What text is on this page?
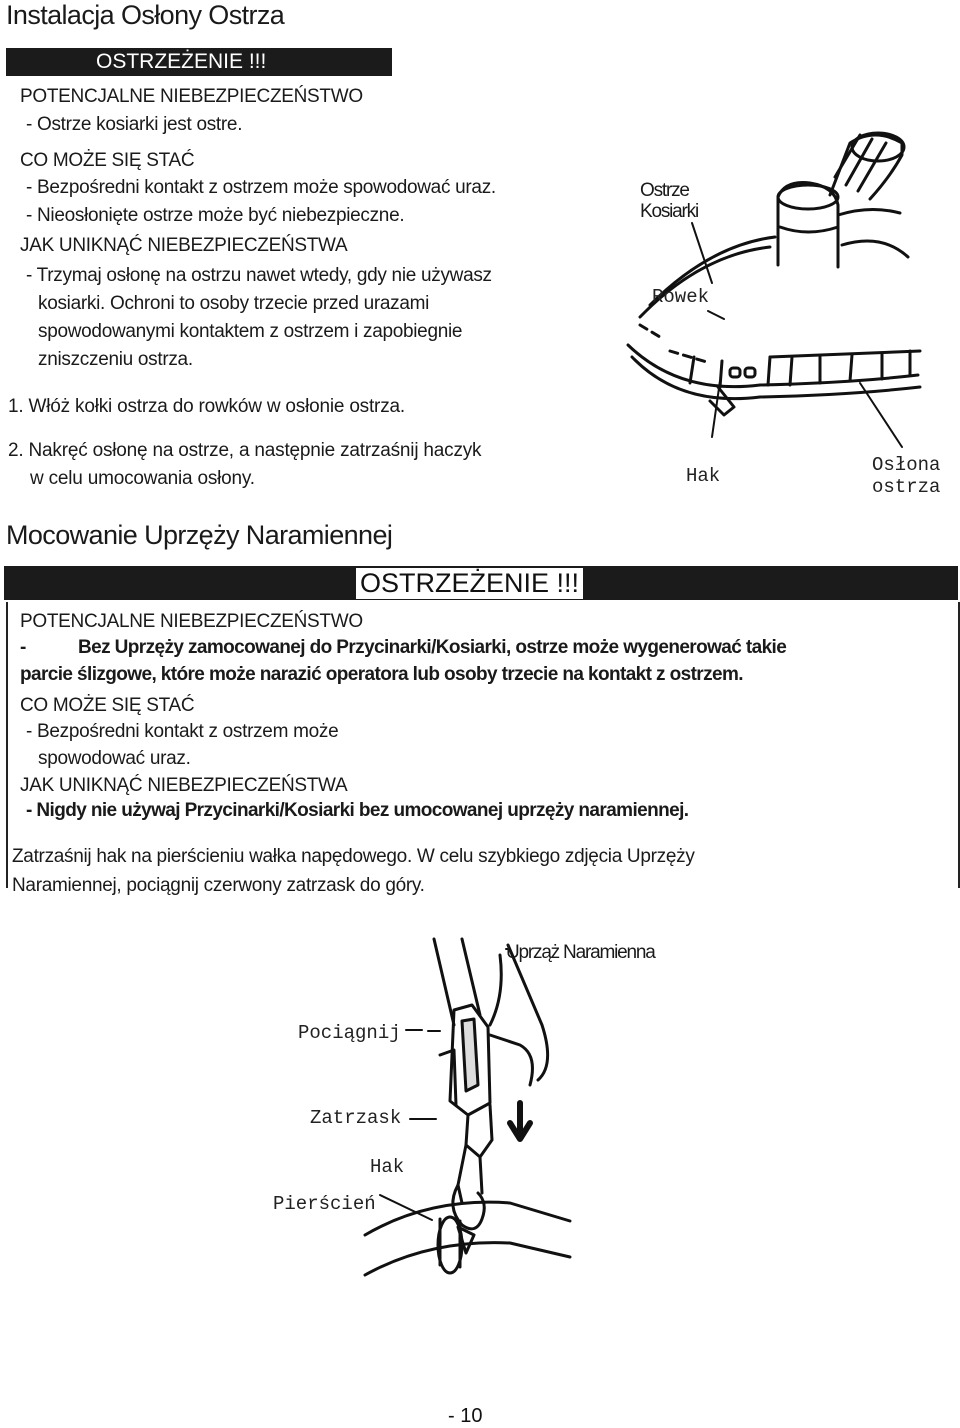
Instalacja Osłony Ostrza
OSTRZEŻENIE !!!
POTENCJALNE NIEBEZPIECZEŃSTWO
- Ostrze kosiarki jest ostre.
CO MOŻE SIĘ STAĆ
- Bezpośredni kontakt z ostrzem może spowodować uraz.
- Nieosłonięte ostrze może być niebezpieczne.
JAK UNIKNĄĆ NIEBEZPIECZEŃSTWA
- Trzymaj osłonę na ostrzu nawet wtedy, gdy nie używasz
kosiarki. Ochroni to osoby trzecie przed urazami
spowodowanymi kontaktem z ostrzem i zapobiegnie
zniszczeniu ostrza.
1. Włóż kołki ostrza do rowków w osłonie ostrza.
2. Nakręć osłonę na ostrze, a następnie zatrzaśnij haczyk
w celu umocowania osłony.
Ostrze
Kosiarki
Rowek
Hak	Osłona
ostrza
Mocowanie Uprzęży Naramiennej
OSTRZEŻENIE !!!
POTENCJALNE NIEBEZPIECZEŃSTWO
-	Bez Uprzęży zamocowanej do Przycinarki/Kosiarki, ostrze może wygenerować takie
parcie ślizgowe, które może narazić operatora lub osoby trzecie na kontakt z ostrzem.
CO MOŻE SIĘ STAĆ
- Bezpośredni kontakt z ostrzem może
spowodować uraz.
JAK UNIKNĄĆ NIEBEZPIECZEŃSTWA
- Nigdy nie używaj Przycinarki/Kosiarki bez umocowanej uprzęży naramiennej.
Zatrzaśnij hak na pierścieniu wałka napędowego. W celu szybkiego zdjęcia Uprzęży
Naramiennej, pociągnij czerwony zatrzask do góry.
Uprząż Naramienna
Pociągnij
Zatrzask
Hak
Pierścień
- 10
